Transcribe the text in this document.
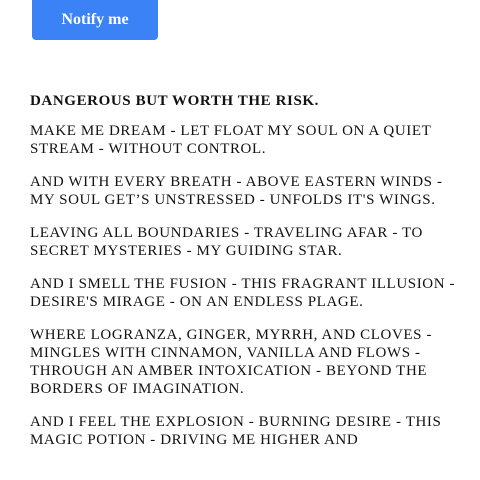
Notify me
DANGEROUS BUT WORTH THE RISK.

MAKE ME DREAM - LET FLOAT MY SOUL ON A QUIET STREAM - WITHOUT CONTROL.

AND WITH EVERY BREATH - ABOVE EASTERN WINDS - MY SOUL GET’S UNSTRESSED - UNFOLDS IT'S WINGS.

LEAVING ALL BOUNDARIES - TRAVELING AFAR - TO SECRET MYSTERIES - MY GUIDING STAR.

AND I SMELL THE FUSION - THIS FRAGRANT ILLUSION - DESIRE'S MIRAGE - ON AN ENDLESS PLAGE.

WHERE LOGRANZA, GINGER, MYRRH, AND CLOVES - MINGLES WITH CINNAMON, VANILLA AND FLOWS - THROUGH AN AMBER INTOXICATION - BEYOND THE BORDERS OF IMAGINATION.

AND I FEEL THE EXPLOSION - BURNING DESIRE - THIS MAGIC POTION - DRIVING ME HIGHER AND
